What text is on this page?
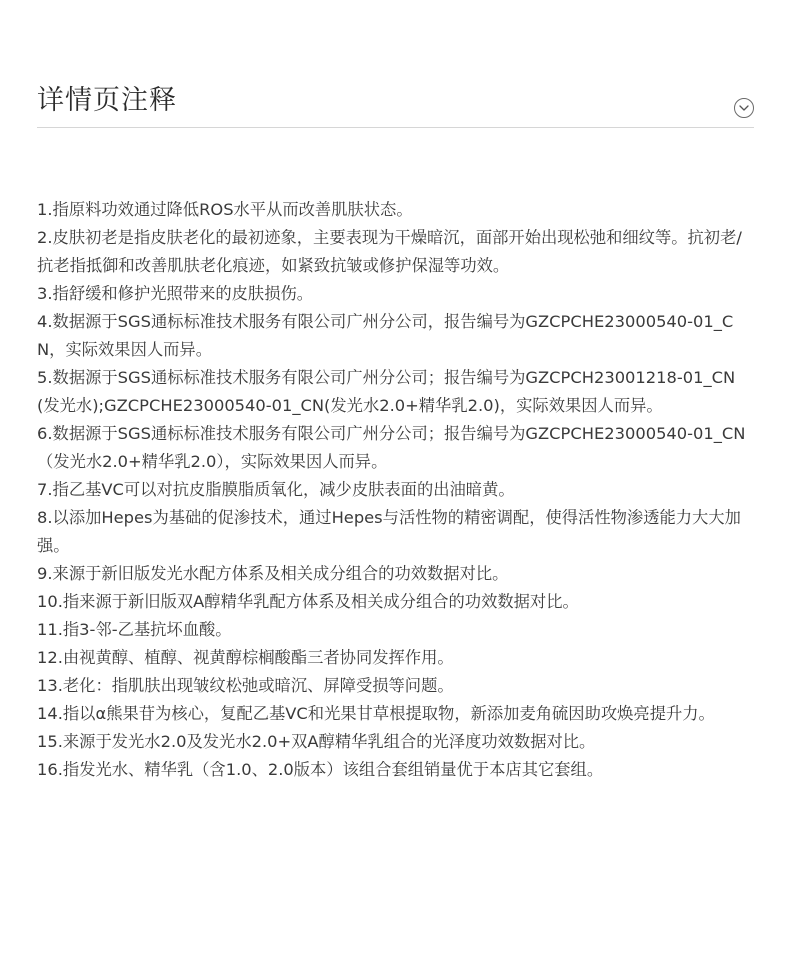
详情页注释
1.指原料功效通过降低ROS水平从而改善肌肤状态。
2.皮肤初老是指皮肤老化的最初迹象，主要表现为干燥暗沉，面部开始出现松弛和细纹等。抗初老/抗老指抵御和改善肌肤老化痕迹，如紧致抗皱或修护保湿等功效。
3.指舒缓和修护光照带来的皮肤损伤。
4.数据源于SGS通标标准技术服务有限公司广州分公司，报告编号为GZCPCHE23000540-01_CN，实际效果因人而异。
5.数据源于SGS通标标准技术服务有限公司广州分公司；报告编号为GZCPCH23001218-01_CN(发光水);GZCPCHE23000540-01_CN(发光水2.0+精华乳2.0)，实际效果因人而异。
6.数据源于SGS通标标准技术服务有限公司广州分公司；报告编号为GZCPCHE23000540-01_CN（发光水2.0+精华乳2.0），实际效果因人而异。
7.指乙基VC可以对抗皮脂膜脂质氧化，减少皮肤表面的出油暗黄。
8.以添加Hepes为基础的促渗技术，通过Hepes与活性物的精密调配，使得活性物渗透能力大大加强。
9.来源于新旧版发光水配方体系及相关成分组合的功效数据对比。
10.指来源于新旧版双A醇精华乳配方体系及相关成分组合的功效数据对比。
11.指3-邻-乙基抗坏血酸。
12.由视黄醇、植醇、视黄醇棕榈酸酯三者协同发挥作用。
13.老化：指肌肤出现皱纹松弛或暗沉、屏障受损等问题。
14.指以α熊果苷为核心，复配乙基VC和光果甘草根提取物，新添加麦角硫因助攻焕亮提升力。
15.来源于发光水2.0及发光水2.0+双A醇精华乳组合的光泽度功效数据对比。
16.指发光水、精华乳（含1.0、2.0版本）该组合套组销量优于本店其它套组。
